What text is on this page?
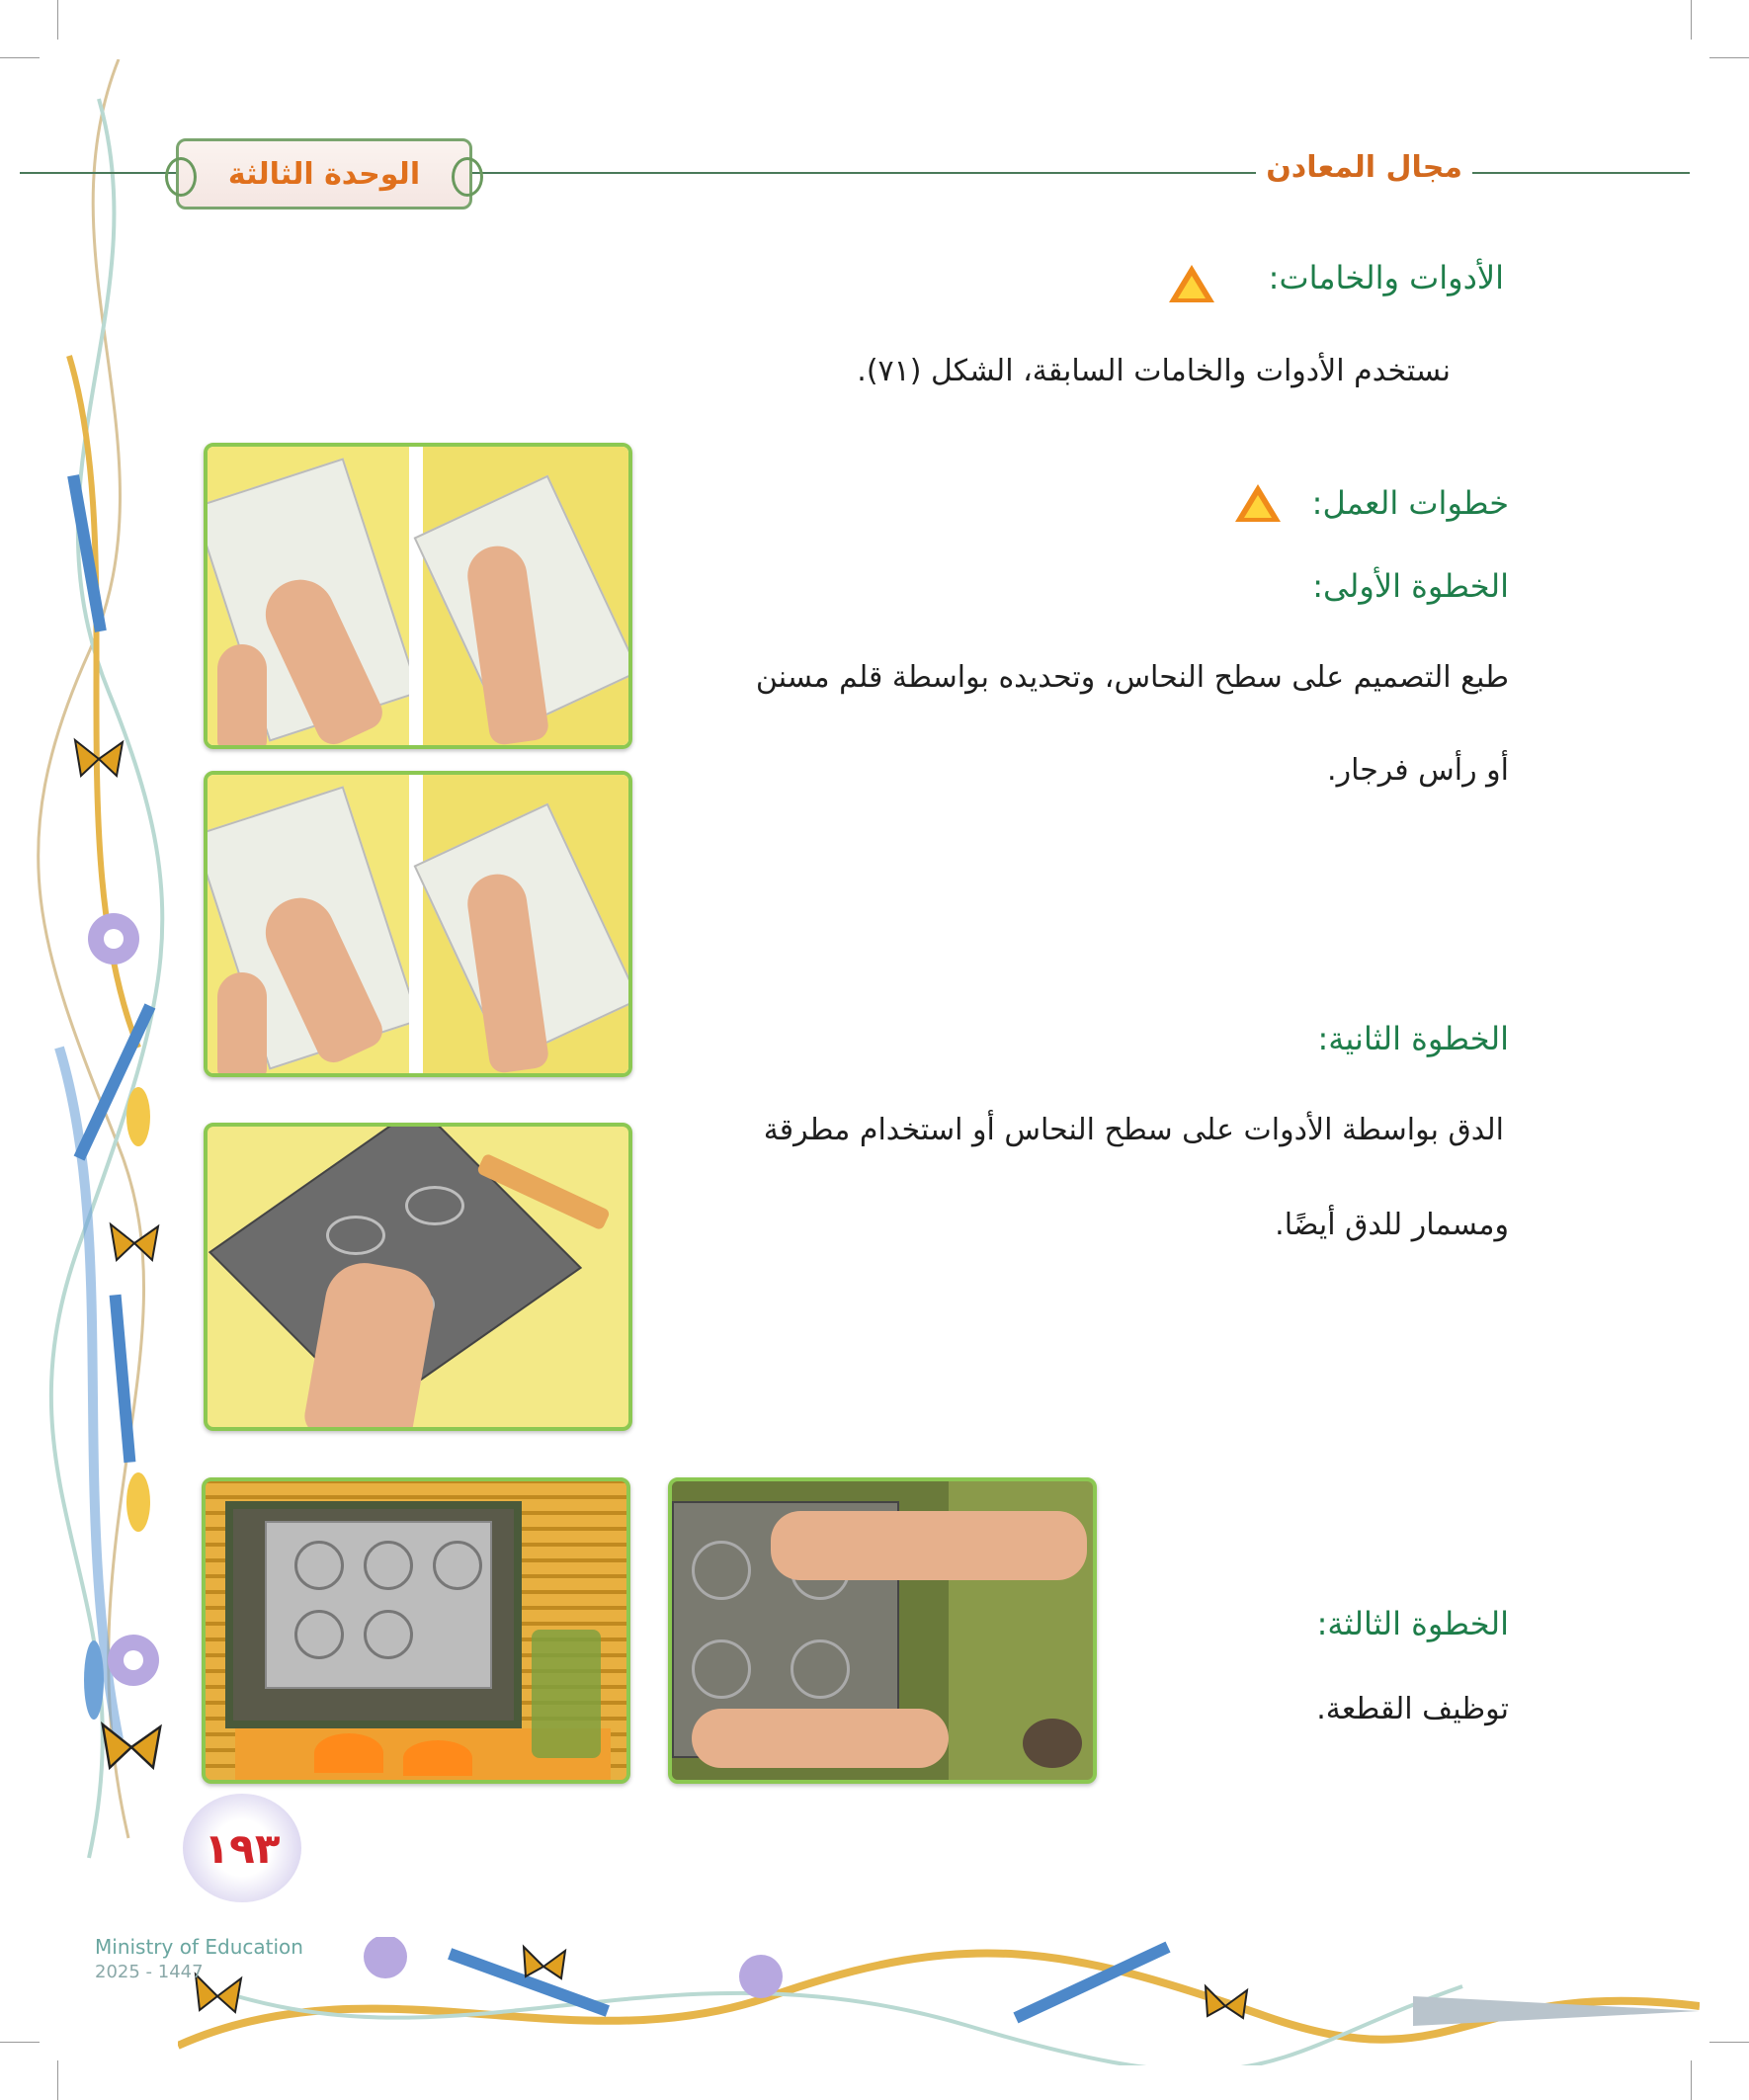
الوحدة الثالثة	مجال المعادن
الأدوات والخامات:
نستخدم الأدوات والخامات السابقة، الشكل (٧١).
خطوات العمل:
الخطوة الأولى:
طبع التصميم على سطح النحاس، وتحديده بواسطة قلم مسنن
أو رأس فرجار.
الخطوة الثانية:
الدق بواسطة الأدوات على سطح النحاس أو استخدام مطرقة
ومسمار للدق أيضًا.
الخطوة الثالثة:
توظيف القطعة.
١٩٣
Ministry of Education
2025 - 1447
